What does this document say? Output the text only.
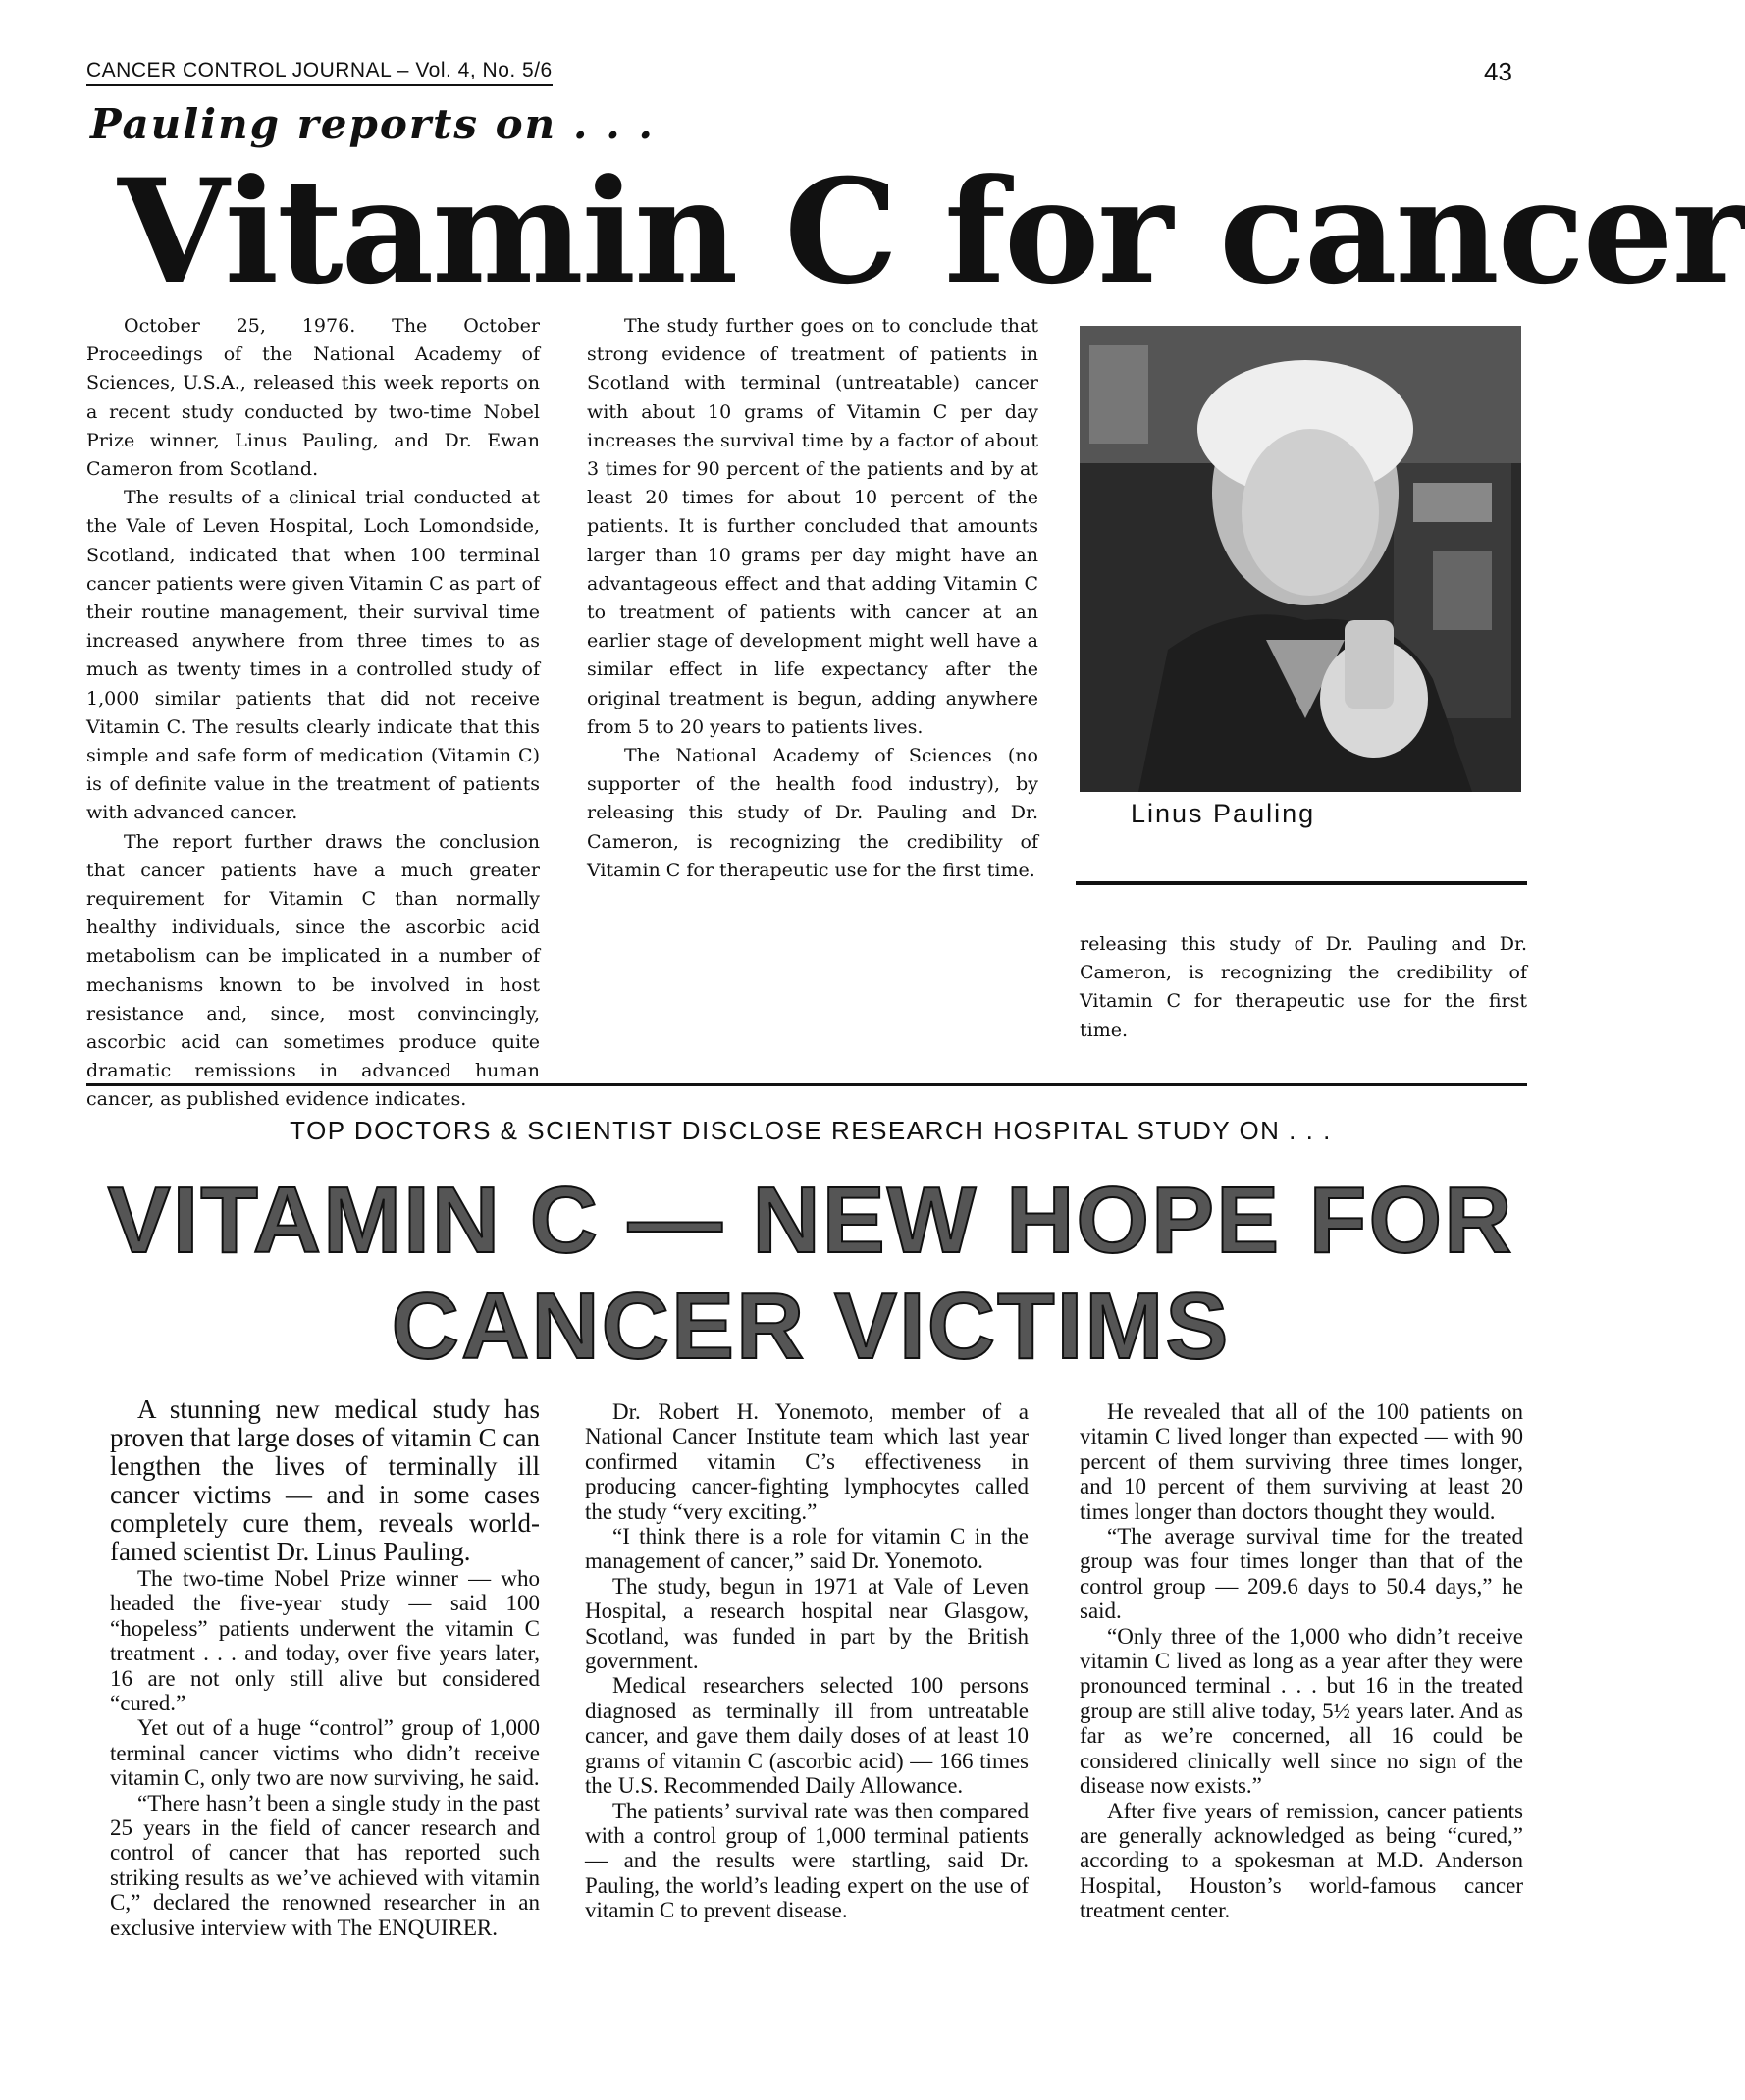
CANCER CONTROL JOURNAL – Vol. 4, No. 5/6	43
Pauling reports on . . .
Vitamin C for cancer

October 25, 1976. The October Proceedings of the National Academy of Sciences, U.S.A., released this week reports on a recent study conducted by two-time Nobel Prize winner, Linus Pauling, and Dr. Ewan Cameron from Scotland.

The results of a clinical trial conducted at the Vale of Leven Hospital, Loch Lomondside, Scotland, indicated that when 100 terminal cancer patients were given Vitamin C as part of their routine management, their survival time increased anywhere from three times to as much as twenty times in a controlled study of 1,000 similar patients that did not receive Vitamin C. The results clearly indicate that this simple and safe form of medication (Vitamin C) is of definite value in the treatment of patients with advanced cancer.

The report further draws the conclusion that cancer patients have a much greater requirement for Vitamin C than normally healthy individuals, since the ascorbic acid metabolism can be implicated in a number of mechanisms known to be involved in host resistance and, since, most convincingly, ascorbic acid can sometimes produce quite dramatic remissions in advanced human cancer, as published evidence indicates.

The study further goes on to conclude that strong evidence of treatment of patients in Scotland with terminal (untreatable) cancer with about 10 grams of Vitamin C per day increases the survival time by a factor of about 3 times for 90 percent of the patients and by at least 20 times for about 10 percent of the patients. It is further concluded that amounts larger than 10 grams per day might have an advantageous effect and that adding Vitamin C to treatment of patients with cancer at an earlier stage of development might well have a similar effect in life expectancy after the original treatment is begun, adding anywhere from 5 to 20 years to patients lives.

The National Academy of Sciences (no supporter of the health food industry), by releasing this study of Dr. Pauling and Dr. Cameron, is recognizing the credibility of Vitamin C for therapeutic use for the first time.

Linus Pauling

releasing this study of Dr. Pauling and Dr. Cameron, is recognizing the credibility of Vitamin C for therapeutic use for the first time.

TOP DOCTORS & SCIENTIST DISCLOSE RESEARCH HOSPITAL STUDY ON . . .
VITAMIN C — NEW HOPE FOR
CANCER VICTIMS

A stunning new medical study has proven that large doses of vitamin C can lengthen the lives of terminally ill cancer victims — and in some cases completely cure them, reveals world-famed scientist Dr. Linus Pauling.

The two-time Nobel Prize winner — who headed the five-year study — said 100 “hopeless” patients underwent the vitamin C treatment . . . and today, over five years later, 16 are not only still alive but considered “cured.”

Yet out of a huge “control” group of 1,000 terminal cancer victims who didn’t receive vitamin C, only two are now surviving, he said.

“There hasn’t been a single study in the past 25 years in the field of cancer research and control of cancer that has reported such striking results as we’ve achieved with vitamin C,” declared the renowned researcher in an exclusive interview with The ENQUIRER.

Dr. Robert H. Yonemoto, member of a National Cancer Institute team which last year confirmed vitamin C’s effectiveness in producing cancer-fighting lymphocytes called the study “very exciting.”

“I think there is a role for vitamin C in the management of cancer,” said Dr. Yonemoto.

The study, begun in 1971 at Vale of Leven Hospital, a research hospital near Glasgow, Scotland, was funded in part by the British government.

Medical researchers selected 100 persons diagnosed as terminally ill from untreatable cancer, and gave them daily doses of at least 10 grams of vitamin C (ascorbic acid) — 166 times the U.S. Recommended Daily Allowance.

The patients’ survival rate was then compared with a control group of 1,000 terminal patients — and the results were startling, said Dr. Pauling, the world’s leading expert on the use of vitamin C to prevent disease.

He revealed that all of the 100 patients on vitamin C lived longer than expected — with 90 percent of them surviving three times longer, and 10 percent of them surviving at least 20 times longer than doctors thought they would.

“The average survival time for the treated group was four times longer than that of the control group — 209.6 days to 50.4 days,” he said.

“Only three of the 1,000 who didn’t receive vitamin C lived as long as a year after they were pronounced terminal . . . but 16 in the treated group are still alive today, 5½ years later. And as far as we’re concerned, all 16 could be considered clinically well since no sign of the disease now exists.”

After five years of remission, cancer patients are generally acknowledged as being “cured,” according to a spokesman at M.D. Anderson Hospital, Houston’s world-famous cancer treatment center.
